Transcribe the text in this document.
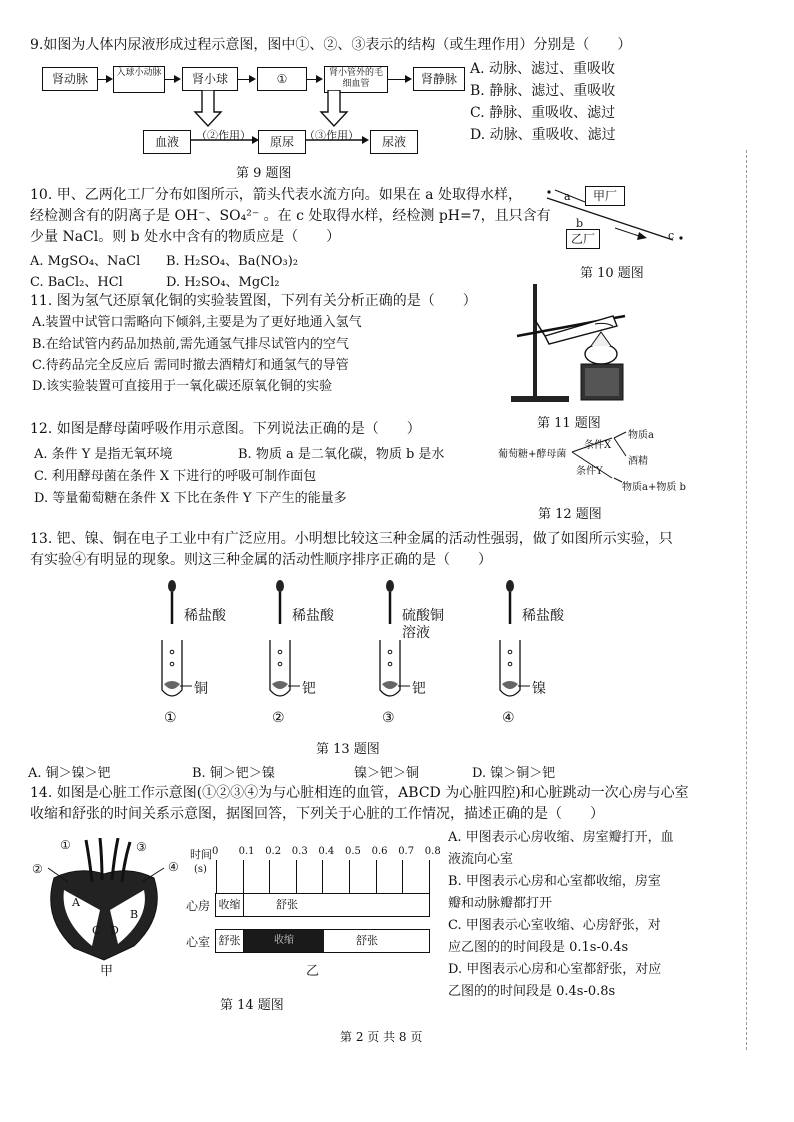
9.如图为人体内尿液形成过程示意图，图中①、②、③表示的结构（或生理作用）分别是（　　）
肾动脉	入球小动脉	肾小球	①	肾小管外的毛细血管	肾静脉
血液	原尿	尿液
（②作用）	（③作用）
第 9 题图
A. 动脉、滤过、重吸收
B. 静脉、滤过、重吸收
C. 静脉、重吸收、滤过
D. 动脉、重吸收、滤过
10. 甲、乙两化工厂分布如图所示，箭头代表水流方向。如果在 a 处取得水样，
经检测含有的阴离子是 OH⁻、SO₄²⁻ 。在 c 处取得水样，经检测 pH=7，且只含有
少量 NaCl。则 b 处水中含有的物质应是（　　）
A. MgSO₄、NaCl B. H₂SO₄、Ba(NO₃)₂
C. BaCl₂、HCl	D. H₂SO₄、MgCl₂
甲厂
乙厂
a
b
c
第 10 题图
11. 图为氢气还原氧化铜的实验装置图，下列有关分析正确的是（　　）
A.装置中试管口需略向下倾斜,主要是为了更好地通入氢气
B.在给试管内药品加热前,需先通氢气排尽试管内的空气
C.待药品完全反应后 需同时撤去酒精灯和通氢气的导管
D.该实验装置可直接用于一氧化碳还原氧化铜的实验
第 11 题图
12. 如图是酵母菌呼吸作用示意图。下列说法正确的是（　　）
A. 条件 Y 是指无氧环境	B. 物质 a 是二氧化碳，物质 b 是水
C. 利用酵母菌在条件 X 下进行的呼吸可制作面包
D. 等量葡萄糖在条件 X 下比在条件 Y 下产生的能量多
葡萄糖+酵母菌
条件X
条件Y
物质a
酒精
物质a+物质 b
第 12 题图
13. 钯、镍、铜在电子工业中有广泛应用。小明想比较这三种金属的活动性强弱，做了如图所示实验，只
有实验④有明显的现象。则这三种金属的活动性顺序排序正确的是（　　）
稀盐酸
铜
①
稀盐酸
钯
②
硫酸铜溶液
钯
③
稀盐酸
镍
④
第 13 题图
A. 铜＞镍＞钯	B. 铜＞钯＞镍	镍＞钯＞铜	D. 镍＞铜＞钯
14. 如图是心脏工作示意图(①②③④为与心脏相连的血管，ABCD 为心脏四腔)和心脏跳动一次心房与心室
收缩和舒张的时间关系示意图，据图回答，下列关于心脏的工作情况，描述正确的是（　　）
①
②
③
④
A
B
C D
甲
时间
(s)
0 0.1 0.2 0.3 0.4 0.5 0.6 0.7 0.8
心房
心室
收缩	舒张
舒张	收缩	舒张
乙
第 14 题图
A. 甲图表示心房收缩、房室瓣打开，血
液流向心室
B. 甲图表示心房和心室都收缩，房室
瓣和动脉瓣都打开
C. 甲图表示心室收缩、心房舒张，对
应乙图的的时间段是 0.1s-0.4s
D. 甲图表示心房和心室都舒张，对应
乙图的的时间段是 0.4s-0.8s
第 2 页 共 8 页
